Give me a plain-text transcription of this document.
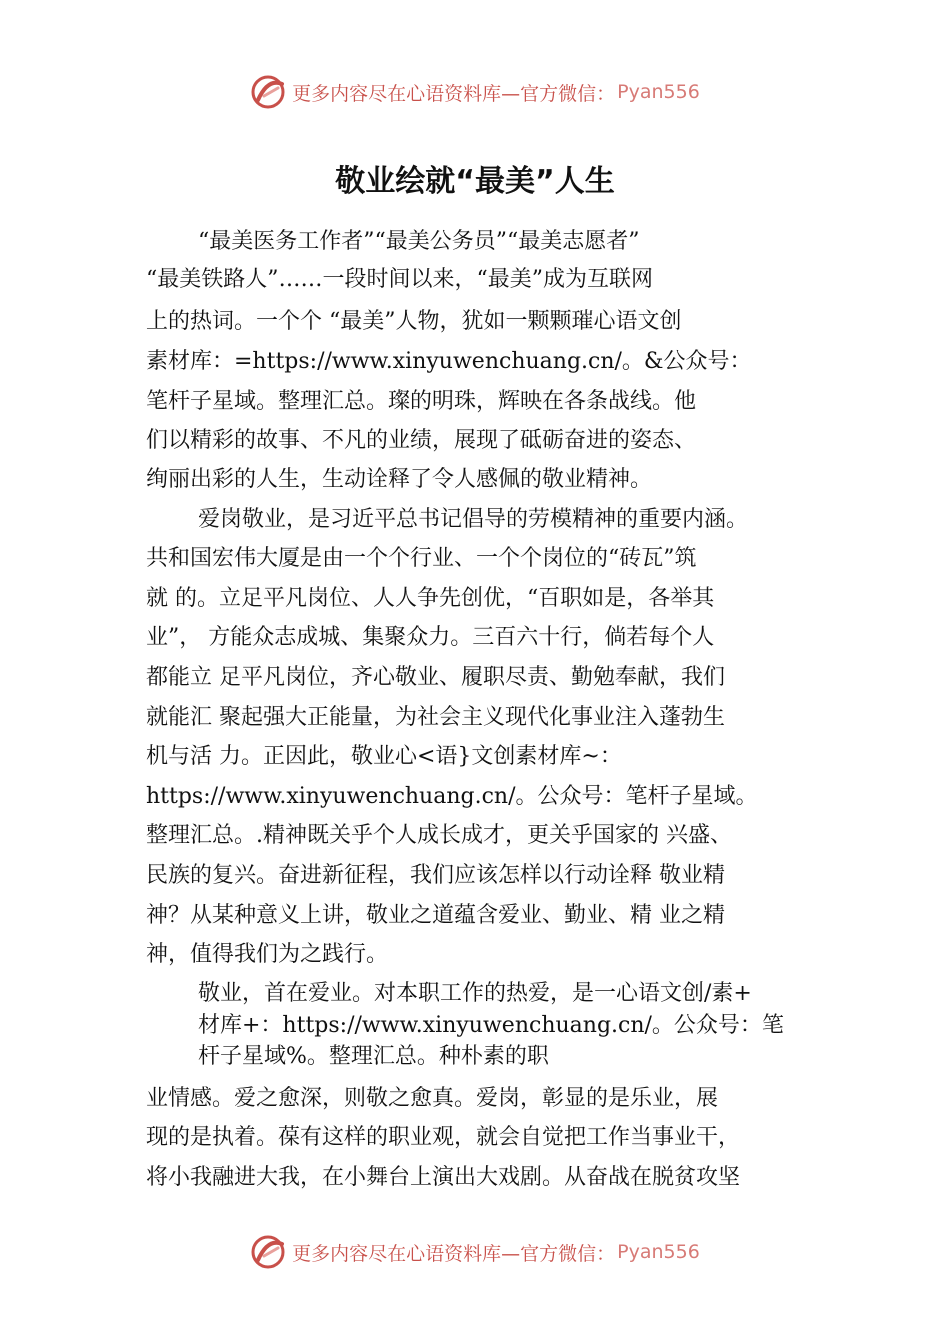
更多内容尽在心语资料库—官方微信： Pyan556
敬业绘就“最美”人生
“最美医务工作者”“最美公务员”“最美志愿者”
“最美铁路人”……一段时间以来，“最美”成为互联网
上的热词。一个个 “最美”人物，犹如一颗颗璀心语文创
素材库：=https://www.xinyuwenchuang.cn/。&公众号：
笔杆子星域。整理汇总。璨的明珠，辉映在各条战线。他
们以精彩的故事、不凡的业绩，展现了砥砺奋进的姿态、
绚丽出彩的人生，生动诠释了令人感佩的敬业精神。
爱岗敬业，是习近平总书记倡导的劳模精神的重要内涵。
共和国宏伟大厦是由一个个行业、一个个岗位的“砖瓦”筑
就 的。立足平凡岗位、人人争先创优，“百职如是，各举其
业”， 方能众志成城、集聚众力。三百六十行，倘若每个人
都能立 足平凡岗位，齐心敬业、履职尽责、勤勉奉献，我们
就能汇 聚起强大正能量，为社会主义现代化事业注入蓬勃生
机与活 力。正因此，敬业心<语}文创素材库~：
https://www.xinyuwenchuang.cn/。公众号：笔杆子星域。
整理汇总。.精神既关乎个人成长成才，更关乎国家的 兴盛、
民族的复兴。奋进新征程，我们应该怎样以行动诠释 敬业精
神？从某种意义上讲，敬业之道蕴含爱业、勤业、精 业之精
神，值得我们为之践行。
敬业，首在爱业。对本职工作的热爱，是一心语文创/素+
材库+：https://www.xinyuwenchuang.cn/。公众号：笔
杆子星域%。整理汇总。种朴素的职
业情感。爱之愈深，则敬之愈真。爱岗，彰显的是乐业，展
现的是执着。葆有这样的职业观，就会自觉把工作当事业干，
将小我融进大我，在小舞台上演出大戏剧。从奋战在脱贫攻坚
更多内容尽在心语资料库—官方微信： Pyan556
